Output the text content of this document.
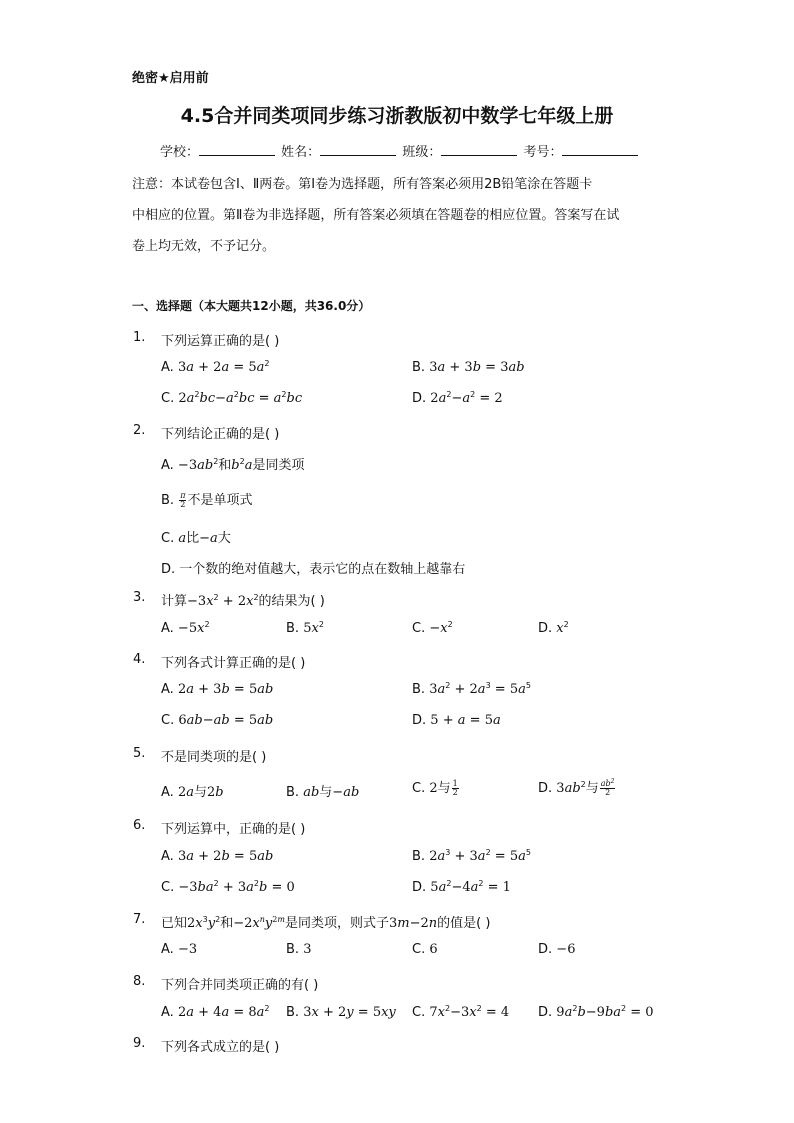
绝密★启用前
4.5合并同类项同步练习浙教版初中数学七年级上册
学校：	姓名：	班级：	考号：
注意：本试卷包含Ⅰ、Ⅱ两卷。第Ⅰ卷为选择题，所有答案必须用2B铅笔涂在答题卡
中相应的位置。第Ⅱ卷为非选择题，所有答案必须填在答题卷的相应位置。答案写在试
卷上均无效，不予记分。
一、选择题（本大题共12小题，共36.0分）
1. 下列运算正确的是( )
A. $3a + 2a = 5a^2$	B. 3a + 3b = 3ab
C. $2a^2bc-a^2bc = a^2bc$	D. $2a^2-a^2 = 2$
2. 下列结论正确的是( )
A. $-3ab^2$和$b^2a$是同类项
B. $\frac{\pi}{2}$ 不是单项式
C. a比−a大
D. 一个数的绝对值越大，表示它的点在数轴上越靠右
3. 计算$-3x^2 + 2x^2$的结果为( )
A. $-5x^2$	B. $5x^2$	C. $-x^2$	D. $x^2$
4. 下列各式计算正确的是( )
A. 2a + 3b = 5ab	B. $3a^2 + 2a^3 = 5a^5$
C. 6ab−ab = 5ab	D. 5 + a = 5a
5. 不是同类项的是( )
A. 2a与2b	B. ab与−ab	C. 2与 $\frac{1}{2}$	D. $3ab^2$与 $\frac{ab^2}{2}$
6. 下列运算中，正确的是( )
A. 3a + 2b = 5ab	B. $2a^3 + 3a^2 = 5a^5$
C. $-3ba^2 + 3a^2b = 0$	D. $5a^2-4a^2 = 1$
7. 已知$2x^3y^2$和$-2x^ny^{2m}$是同类项，则式子3m−2n的值是( )
A. −3	B. 3	C. 6	D. −6
8. 下列合并同类项正确的有( )
A. $2a + 4a = 8a^2$ B. 3x + 2y = 5xy C. $7x^2-3x^2 = 4$ D. $9a^2b-9ba^2 = 0$
9. 下列各式成立的是( )
